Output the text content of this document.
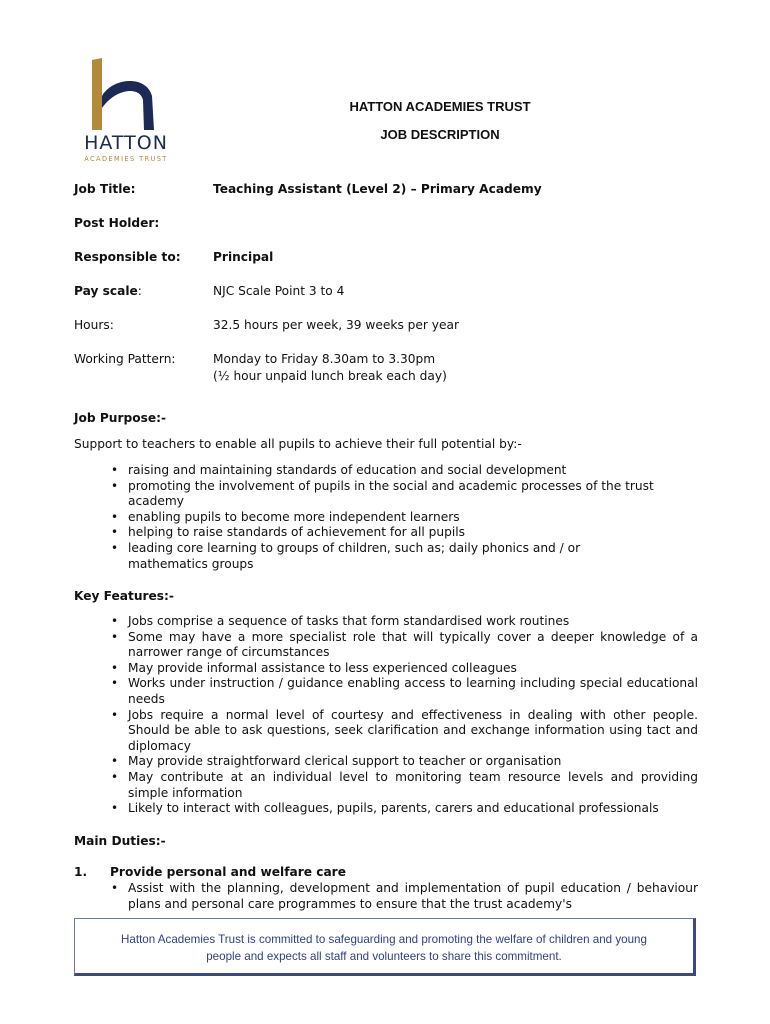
HATTON
ACADEMIES TRUST
HATTON ACADEMIES TRUST
JOB DESCRIPTION
Job Title:	Teaching Assistant (Level 2) – Primary Academy
Post Holder:
Responsible to:	Principal
Pay scale:	NJC Scale Point 3 to 4
Hours:	32.5 hours per week, 39 weeks per year
Working Pattern:	Monday to Friday 8.30am to 3.30pm
(½ hour unpaid lunch break each day)
Job Purpose:-
Support to teachers to enable all pupils to achieve their full potential by:-
• raising and maintaining standards of education and social development
• promoting the involvement of pupils in the social and academic processes of the trust academy
• enabling pupils to become more independent learners
• helping to raise standards of achievement for all pupils
• leading core learning to groups of children, such as; daily phonics and / or mathematics groups
Key Features:-
• Jobs comprise a sequence of tasks that form standardised work routines
• Some may have a more specialist role that will typically cover a deeper knowledge of a narrower range of circumstances
• May provide informal assistance to less experienced colleagues
• Works under instruction / guidance enabling access to learning including special educational needs
• Jobs require a normal level of courtesy and effectiveness in dealing with other people. Should be able to ask questions, seek clarification and exchange information using tact and diplomacy
• May provide straightforward clerical support to teacher or organisation
• May contribute at an individual level to monitoring team resource levels and providing simple information
• Likely to interact with colleagues, pupils, parents, carers and educational professionals
Main Duties:-
1. Provide personal and welfare care
• Assist with the planning, development and implementation of pupil education / behaviour plans and personal care programmes to ensure that the trust academy's
Hatton Academies Trust is committed to safeguarding and promoting the welfare of children and young
people and expects all staff and volunteers to share this commitment.
